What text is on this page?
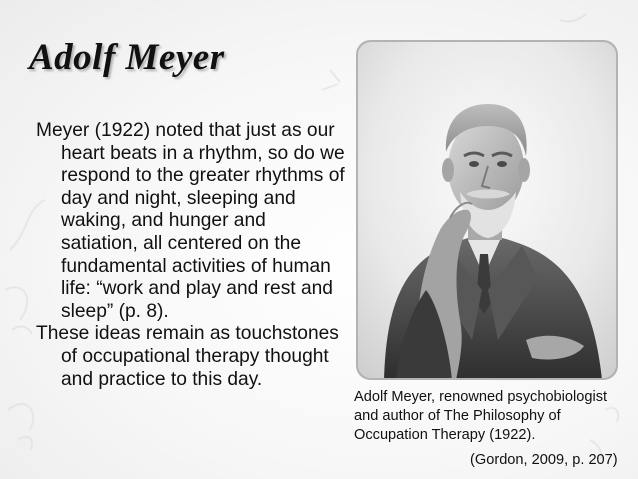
Adolf Meyer

Meyer (1922) noted that just as our heart beats in a rhythm, so do we respond to the greater rhythms of day and night, sleeping and waking, and hunger and satiation, all centered on the fundamental activities of human life: “work and play and rest and sleep” (p. 8).

These ideas remain as touchstones of occupational therapy thought and practice to this day.

Adolf Meyer, renowned psychobiologist and author of The Philosophy of Occupation Therapy (1922).
(Gordon, 2009, p. 207)
